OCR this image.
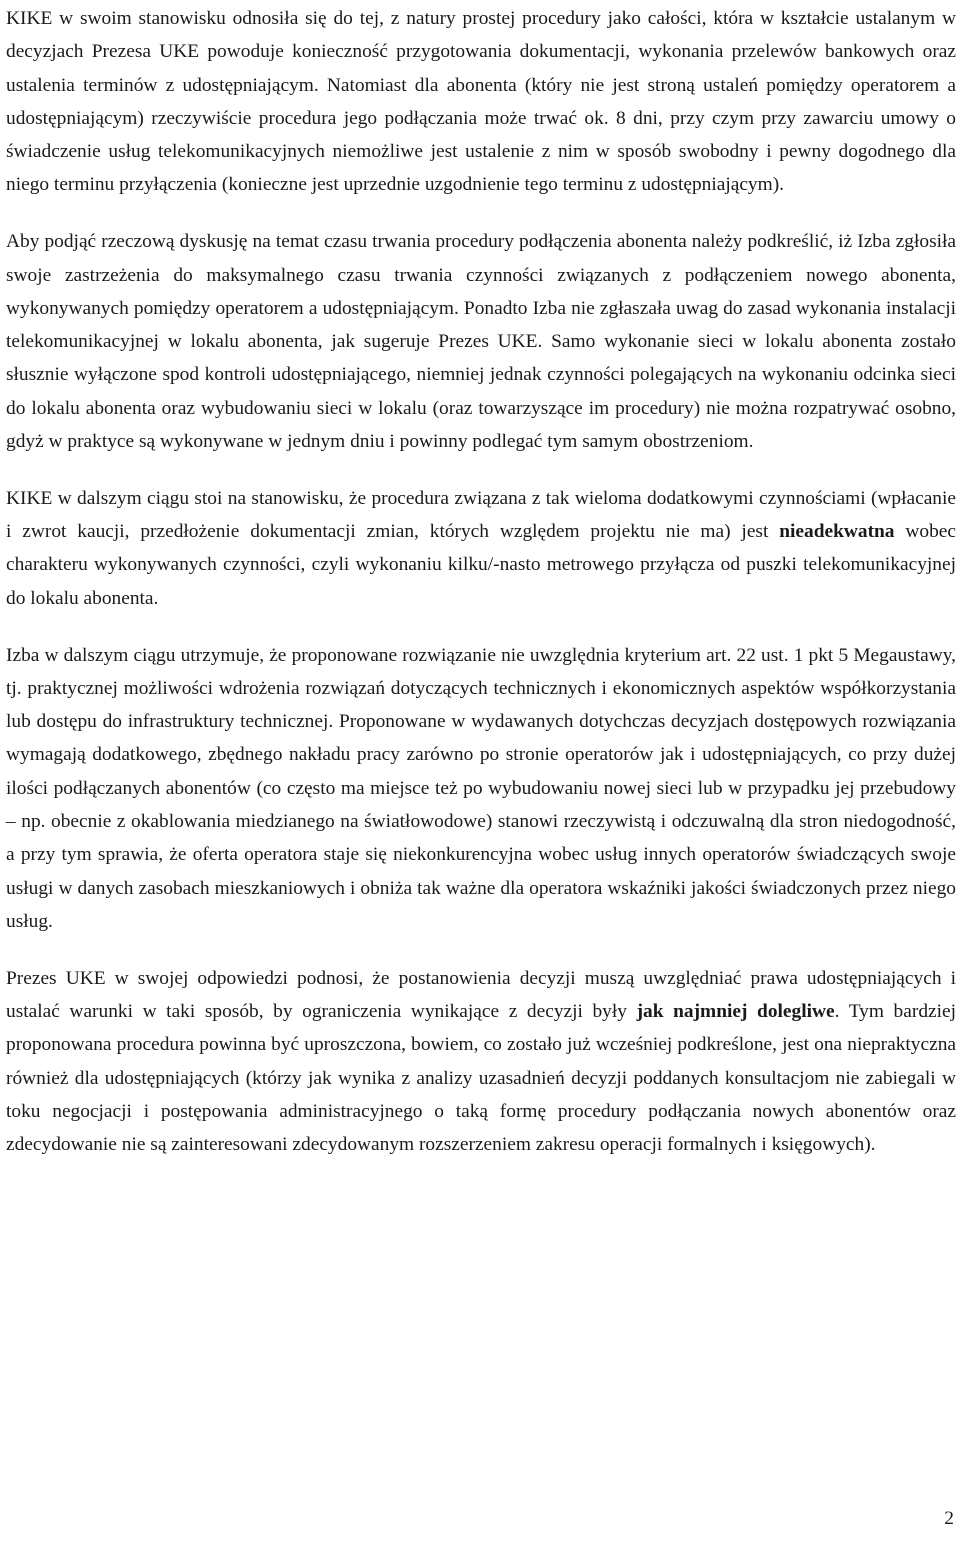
KIKE w swoim stanowisku odnosiła się do tej, z natury prostej procedury jako całości, która w kształcie ustalanym w decyzjach Prezesa UKE powoduje konieczność przygotowania dokumentacji, wykonania przelewów bankowych oraz ustalenia terminów z udostępniającym. Natomiast dla abonenta (który nie jest stroną ustaleń pomiędzy operatorem a udostępniającym) rzeczywiście procedura jego podłączania może trwać ok. 8 dni, przy czym przy zawarciu umowy o świadczenie usług telekomunikacyjnych niemożliwe jest ustalenie z nim w sposób swobodny i pewny dogodnego dla niego terminu przyłączenia (konieczne jest uprzednie uzgodnienie tego terminu z udostępniającym).

Aby podjąć rzeczową dyskusję na temat czasu trwania procedury podłączenia abonenta należy podkreślić, iż Izba zgłosiła swoje zastrzeżenia do maksymalnego czasu trwania czynności związanych z podłączeniem nowego abonenta, wykonywanych pomiędzy operatorem a udostępniającym. Ponadto Izba nie zgłaszała uwag do zasad wykonania instalacji telekomunikacyjnej w lokalu abonenta, jak sugeruje Prezes UKE. Samo wykonanie sieci w lokalu abonenta zostało słusznie wyłączone spod kontroli udostępniającego, niemniej jednak czynności polegających na wykonaniu odcinka sieci do lokalu abonenta oraz wybudowaniu sieci w lokalu (oraz towarzyszące im procedury) nie można rozpatrywać osobno, gdyż w praktyce są wykonywane w jednym dniu i powinny podlegać tym samym obostrzeniom.

KIKE w dalszym ciągu stoi na stanowisku, że procedura związana z tak wieloma dodatkowymi czynnościami (wpłacanie i zwrot kaucji, przedłożenie dokumentacji zmian, których względem projektu nie ma) jest nieadekwatna wobec charakteru wykonywanych czynności, czyli wykonaniu kilku/-nasto metrowego przyłącza od puszki telekomunikacyjnej do lokalu abonenta.

Izba w dalszym ciągu utrzymuje, że proponowane rozwiązanie nie uwzględnia kryterium art. 22 ust. 1 pkt 5 Megaustawy, tj. praktycznej możliwości wdrożenia rozwiązań dotyczących technicznych i ekonomicznych aspektów współkorzystania lub dostępu do infrastruktury technicznej. Proponowane w wydawanych dotychczas decyzjach dostępowych rozwiązania wymagają dodatkowego, zbędnego nakładu pracy zarówno po stronie operatorów jak i udostępniających, co przy dużej ilości podłączanych abonentów (co często ma miejsce też po wybudowaniu nowej sieci lub w przypadku jej przebudowy – np. obecnie z okablowania miedzianego na światłowodowe) stanowi rzeczywistą i odczuwalną dla stron niedogodność, a przy tym sprawia, że oferta operatora staje się niekonkurencyjna wobec usług innych operatorów świadczących swoje usługi w danych zasobach mieszkaniowych i obniża tak ważne dla operatora wskaźniki jakości świadczonych przez niego usług.

Prezes UKE w swojej odpowiedzi podnosi, że postanowienia decyzji muszą uwzględniać prawa udostępniających i ustalać warunki w taki sposób, by ograniczenia wynikające z decyzji były jak najmniej dolegliwe. Tym bardziej proponowana procedura powinna być uproszczona, bowiem, co zostało już wcześniej podkreślone, jest ona niepraktyczna również dla udostępniających (którzy jak wynika z analizy uzasadnień decyzji poddanych konsultacjom nie zabiegali w toku negocjacji i postępowania administracyjnego o taką formę procedury podłączania nowych abonentów oraz zdecydowanie nie są zainteresowani zdecydowanym rozszerzeniem zakresu operacji formalnych i księgowych).

2
